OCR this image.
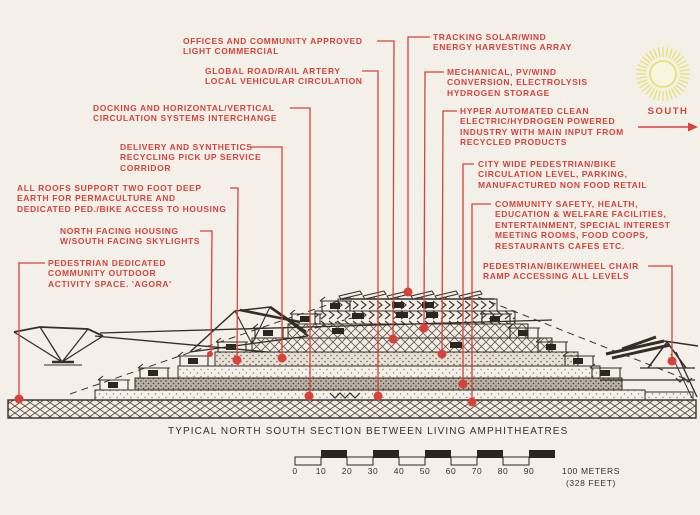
OFFICES AND COMMUNITY APPROVED
LIGHT COMMERCIAL
GLOBAL ROAD/RAIL ARTERY
LOCAL VEHICULAR CIRCULATION
DOCKING AND HORIZONTAL/VERTICAL
CIRCULATION SYSTEMS INTERCHANGE
DELIVERY AND SYNTHETICS
RECYCLING PICK UP SERVICE
CORRIDOR
ALL ROOFS SUPPORT TWO FOOT DEEP
EARTH FOR PERMACULTURE AND
DEDICATED PED./BIKE ACCESS TO HOUSING
NORTH FACING HOUSING
W/SOUTH FACING SKYLIGHTS
PEDESTRIAN DEDICATED
COMMUNITY OUTDOOR
ACTIVITY SPACE. 'AGORA'
TRACKING SOLAR/WIND
ENERGY HARVESTING ARRAY
MECHANICAL, PV/WIND
CONVERSION, ELECTROLYSIS
HYDROGEN STORAGE
HYPER AUTOMATED CLEAN
ELECTRIC/HYDROGEN POWERED
INDUSTRY WITH MAIN INPUT FROM
RECYCLED PRODUCTS
CITY WIDE PEDESTRIAN/BIKE
CIRCULATION LEVEL, PARKING,
MANUFACTURED NON FOOD RETAIL
COMMUNITY SAFETY, HEALTH,
EDUCATION & WELFARE FACILITIES,
ENTERTAINMENT, SPECIAL INTEREST
MEETING ROOMS, FOOD COOPS,
RESTAURANTS CAFES ETC.
PEDESTRIAN/BIKE/WHEEL CHAIR
RAMP ACCESSING ALL LEVELS
SOUTH
TYPICAL NORTH SOUTH SECTION BETWEEN LIVING AMPHITHEATRES
0	10	20	30	40	50	60	70	80	90	100 METERS
(328 FEET)
